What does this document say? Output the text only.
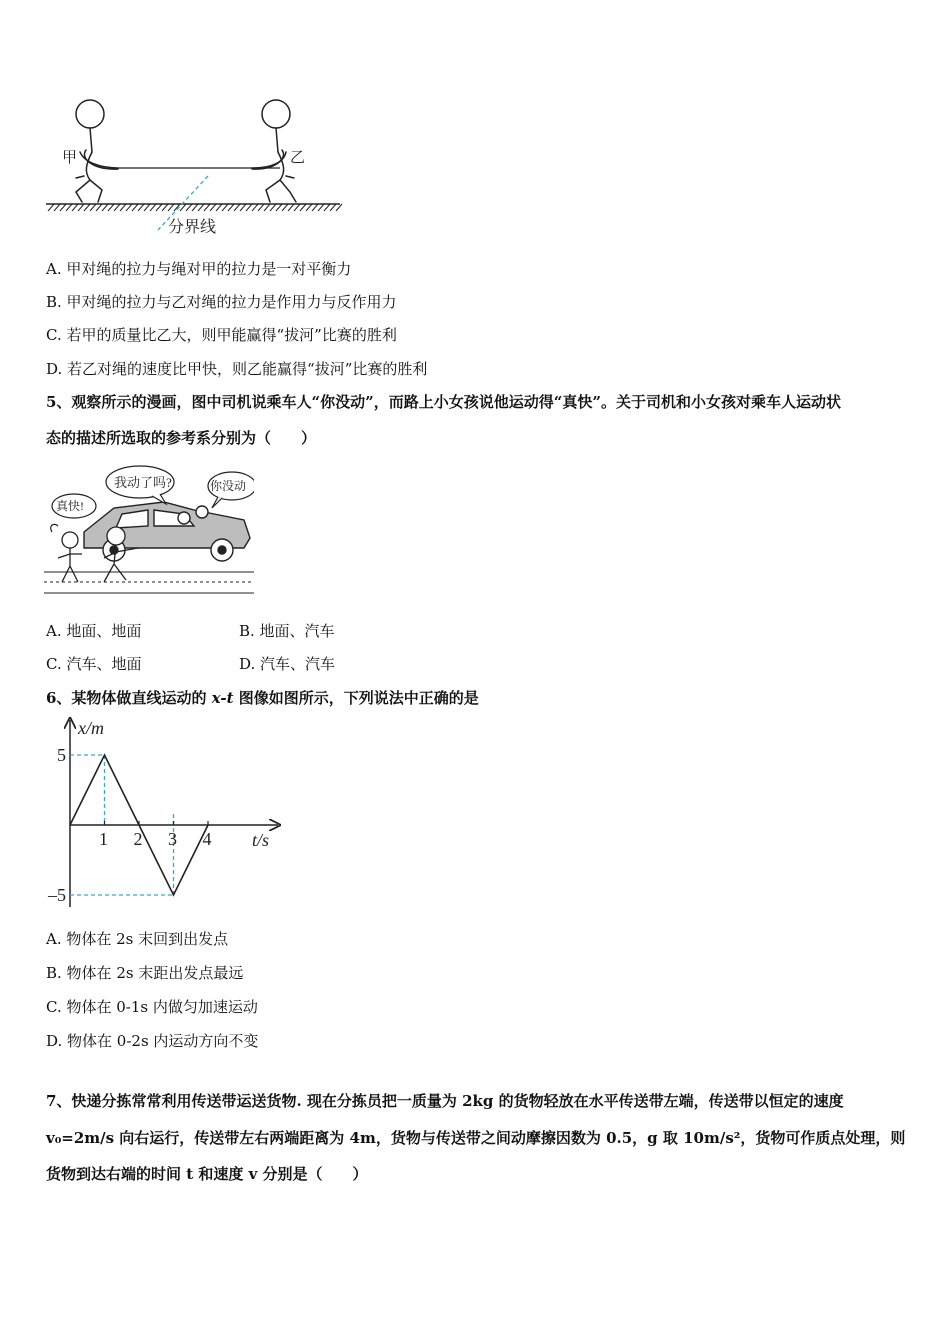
甲	乙
分界线
A. 甲对绳的拉力与绳对甲的拉力是一对平衡力
B. 甲对绳的拉力与乙对绳的拉力是作用力与反作用力
C. 若甲的质量比乙大，则甲能赢得“拔河”比赛的胜利
D. 若乙对绳的速度比甲快，则乙能赢得“拔河”比赛的胜利
5、观察所示的漫画，图中司机说乘车人“你没动”，而路上小女孩说他运动得“真快”。关于司机和小女孩对乘车人运动状
态的描述所选取的参考系分别为（　　）
我动了吗?	你没动
真快!
A. 地面、地面	B. 地面、汽车
C. 汽车、地面	D. 汽车、汽车
6、某物体做直线运动的 x-t 图像如图所示，下列说法中正确的是
x/m
t/s
5
–5
1 2 3 4
A. 物体在 2s 末回到出发点
B. 物体在 2s 末距出发点最远
C. 物体在 0-1s 内做匀加速运动
D. 物体在 0-2s 内运动方向不变
7、快递分拣常常利用传送带运送货物. 现在分拣员把一质量为 2kg 的货物轻放在水平传送带左端，传送带以恒定的速度
v₀=2m/s 向右运行，传送带左右两端距离为 4m，货物与传送带之间动摩擦因数为 0.5，g 取 10m/s²，货物可作质点处理，则
货物到达右端的时间 t 和速度 v 分别是（　　）
